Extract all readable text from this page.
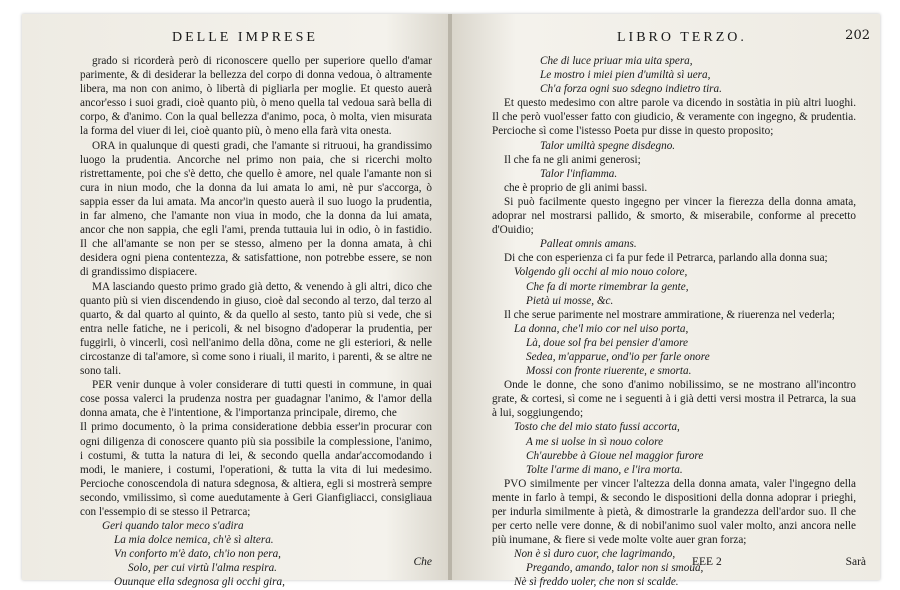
DELLE IMPRESE

grado si ricorderà però di riconoscere quello per superiore quello d'amar parimente, & di desiderar la bellezza del corpo di donna vedoua, ò altramente libera, ma non con animo, ò libertà di pigliarla per moglie. Et questo auerà ancor'esso i suoi gradi, cioè quanto più, ò meno quella tal vedoua sarà bella di corpo, & d'animo. Con la qual bellezza d'animo, poca, ò molta, vien misurata la forma del viuer di lei, cioè quanto più, ò meno ella farà vita onesta.

ORA in qualunque di questi gradi, che l'amante si ritruoui, ha grandissimo luogo la prudentia. Ancorche nel primo non paia, che si ricerchi molto ristrettamente, poi che s'è detto, che quello è amore, nel quale l'amante non si cura in niun modo, che la donna da lui amata lo ami, nè pur s'accorga, ò sappia esser da lui amata. Ma ancor'in questo auerà il suo luogo la prudentia, in far almeno, che l'amante non viua in modo, che la donna da lui amata, ancor che non sappia, che egli l'ami, prenda tuttauia lui in odio, ò in fastidio. Il che all'amante se non per se stesso, almeno per la donna amata, à chi desidera ogni piena contentezza, & satisfattione, non potrebbe essere, se non di grandissimo dispiacere.

MA lasciando questo primo grado già detto, & venendo à gli altri, dico che quanto più si vien discendendo in giuso, cioè dal secondo al terzo, dal terzo al quarto, & dal quarto al quinto, & da quello al sesto, tanto più si vede, che si entra nelle fatiche, ne i pericoli, & nel bisogno d'adoperar la prudentia, per fuggirli, ò vincerli, così nell'animo della dõna, come ne gli esteriori, & nelle circostanze di tal'amore, sì come sono i riuali, il marito, i parenti, & se altre ne sono tali.

PER venir dunque à voler considerare di tutti questi in commune, in quai cose possa valerci la prudenza nostra per guadagnar l'animo, & l'amor della donna amata, che è l'intentione, & l'importanza principale, diremo, che

Il primo documento, ò la prima consideratione debbia esser'in procurar con ogni diligenza di conoscere quanto più sia possibile la complessione, l'animo, i costumi, & tutta la natura di lei, & secondo quella andar'accomodando i modi, le maniere, i costumi, l'operationi, & tutta la vita di lui medesimo. Percioche conoscendola di natura sdegnosa, & altiera, egli si mostrerà sempre secondo, vmilissimo, sì come auedutamente à Geri Gianfigliacci, consigliaua con l'essempio di se stesso il Petrarca;

Geri quando talor meco s'adira

La mia dolce nemica, ch'è sì altera.

Vn conforto m'è dato, ch'io non pera,

Solo, per cui virtù l'alma respira.

Ouunque ella sdegnosa gli occhi gira,

Che
LIBRO TERZO.	202

Che di luce priuar mia uita spera,

Le mostro i miei pien d'umiltà sì uera,

Ch'a forza ogni suo sdegno indietro tira.

Et questo medesimo con altre parole va dicendo in sostàtia in più altri luoghi. Il che però vuol'esser fatto con giudicio, & veramente con ingegno, & prudentia. Percioche sì come l'istesso Poeta pur disse in questo proposito;

Talor umiltà spegne disdegno.

Il che fa ne gli animi generosi;

Talor l'infiamma.

che è proprio de gli animi bassi.

Si può facilmente questo ingegno per vincer la fierezza della donna amata, adoprar nel mostrarsi pallido, & smorto, & miserabile, conforme al precetto d'Ouidio;

Palleat omnis amans.

Di che con esperienza ci fa pur fede il Petrarca, parlando alla donna sua;

Volgendo gli occhi al mio nouo colore,

Che fa di morte rimembrar la gente,

Pietà ui mosse, &c.

Il che serue parimente nel mostrare ammiratione, & riuerenza nel vederla;

La donna, che'l mio cor nel uiso porta,

Là, doue sol fra bei pensier d'amore

Sedea, m'apparue, ond'io per farle onore

Mossi con fronte riuerente, e smorta.

Onde le donne, che sono d'animo nobilissimo, se ne mostrano all'incontro grate, & cortesi, sì come ne i seguenti à i già detti versi mostra il Petrarca, la sua à lui, soggiungendo;

Tosto che del mio stato fussi accorta,

A me si uolse in sì nouo colore

Ch'aurebbe à Gioue nel maggior furore

Tolte l'arme di mano, e l'ira morta.

PVO similmente per vincer l'altezza della donna amata, valer l'ingegno della mente in farlo à tempi, & secondo le dispositioni della donna adoprar i prieghi, per indurla similmente à pietà, & dimostrarle la grandezza dell'ardor suo. Il che per certo nelle vere donne, & di nobil'animo suol valer molto, anzi ancora nelle più inumane, & fiere si vede molte volte auer gran forza;

Non è sì duro cuor, che lagrimando,

Pregando, amando, talor non si smoua,

Nè sì freddo uoler, che non si scalde.

EEE 2	Sarà
